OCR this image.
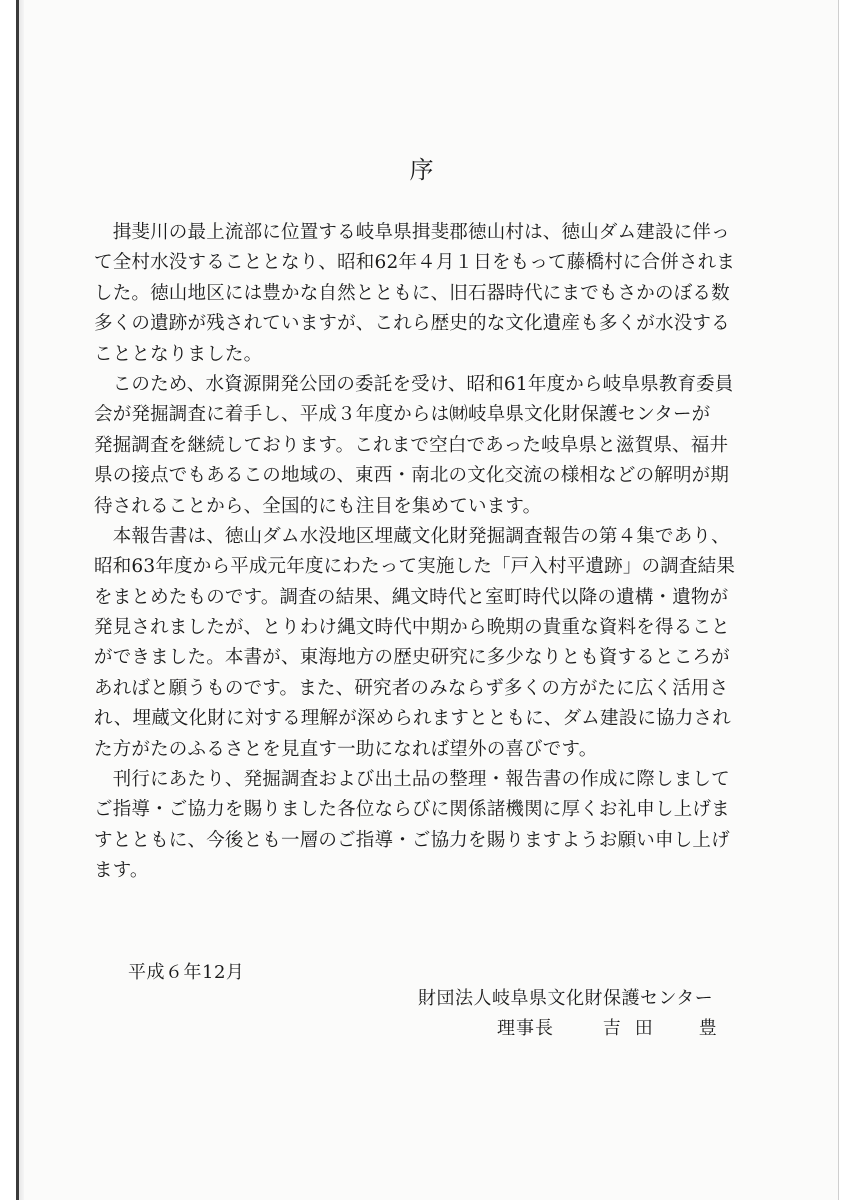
序
　揖斐川の最上流部に位置する岐阜県揖斐郡徳山村は、徳山ダム建設に伴っ
て全村水没することとなり、昭和62年４月１日をもって藤橋村に合併されま
した。徳山地区には豊かな自然とともに、旧石器時代にまでもさかのぼる数
多くの遺跡が残されていますが、これら歴史的な文化遺産も多くが水没する
こととなりました。
　このため、水資源開発公団の委託を受け、昭和61年度から岐阜県教育委員
会が発掘調査に着手し、平成３年度からは㈶岐阜県文化財保護センターが
発掘調査を継続しております。これまで空白であった岐阜県と滋賀県、福井
県の接点でもあるこの地域の、東西・南北の文化交流の様相などの解明が期
待されることから、全国的にも注目を集めています。
　本報告書は、徳山ダム水没地区埋蔵文化財発掘調査報告の第４集であり、
昭和63年度から平成元年度にわたって実施した「戸入村平遺跡」の調査結果
をまとめたものです。調査の結果、縄文時代と室町時代以降の遺構・遺物が
発見されましたが、とりわけ縄文時代中期から晩期の貴重な資料を得ること
ができました。本書が、東海地方の歴史研究に多少なりとも資するところが
あればと願うものです。また、研究者のみならず多くの方がたに広く活用さ
れ、埋蔵文化財に対する理解が深められますとともに、ダム建設に協力され
た方がたのふるさとを見直す一助になれば望外の喜びです。
　刊行にあたり、発掘調査および出土品の整理・報告書の作成に際しまして
ご指導・ご協力を賜りました各位ならびに関係諸機関に厚くお礼申し上げま
すとともに、今後とも一層のご指導・ご協力を賜りますようお願い申し上げ
ます。
平成６年12月
財団法人岐阜県文化財保護センター
理事長	吉田　豊
